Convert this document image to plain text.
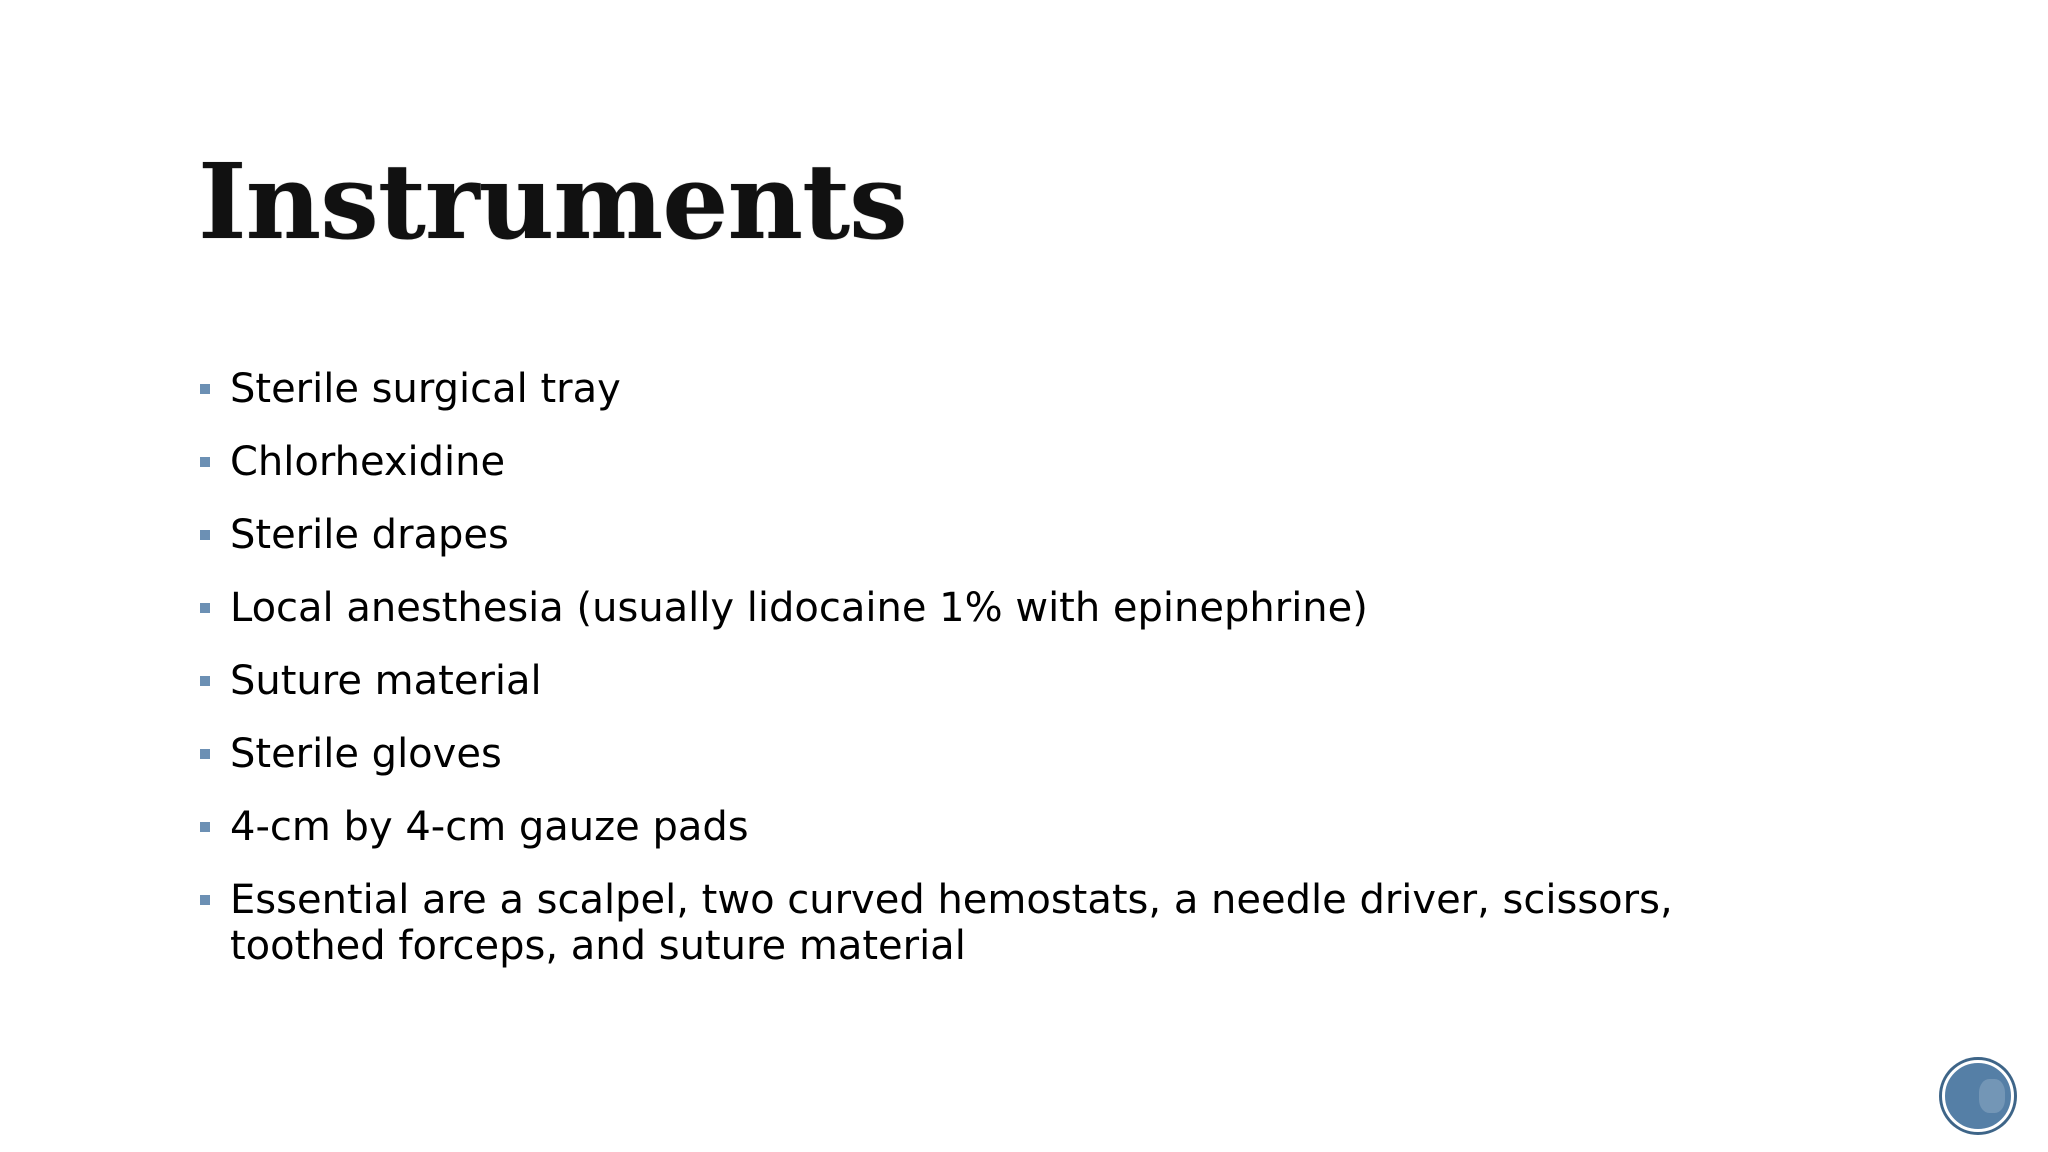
Instruments
Sterile surgical tray
Chlorhexidine
Sterile drapes
Local anesthesia (usually lidocaine 1% with epinephrine)
Suture material
Sterile gloves
4-cm by 4-cm gauze pads
Essential are a scalpel, two curved hemostats, a needle driver, scissors, toothed forceps, and suture material
